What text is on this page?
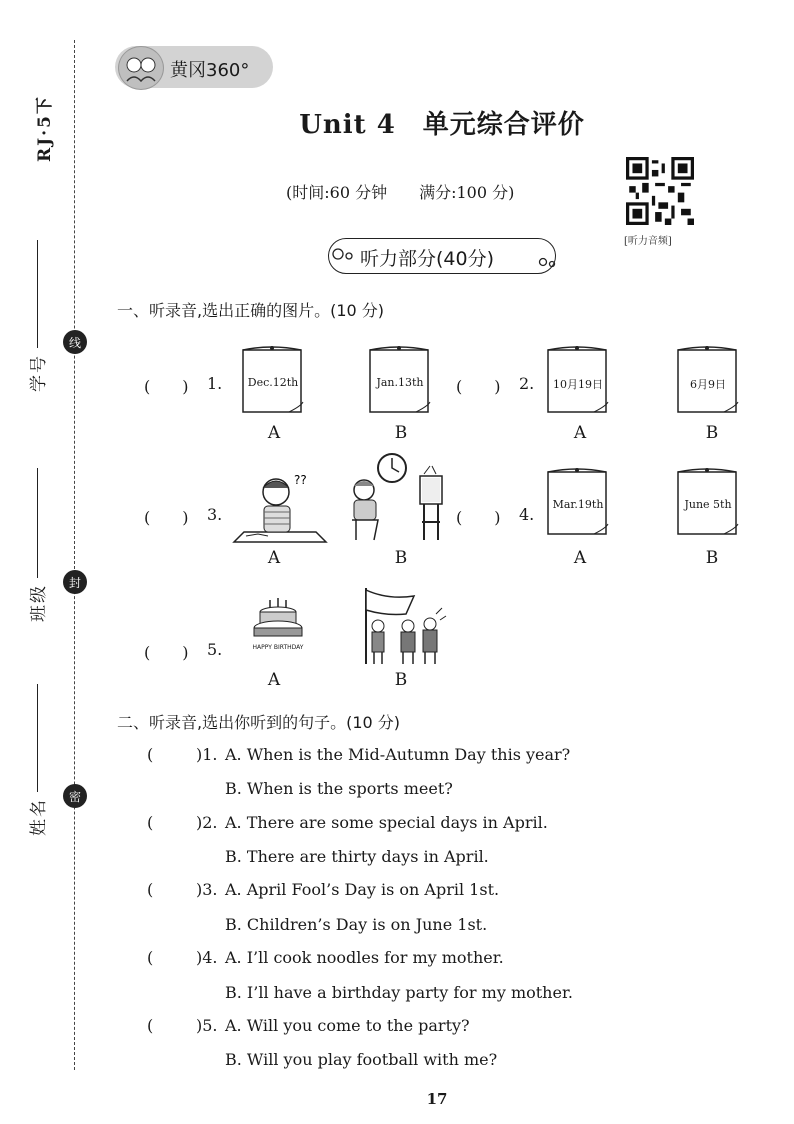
RJ·5下
学号
班级
姓名
线
封
密
黄冈360°
Unit 4　单元综合评价
(时间:60 分钟　　满分:100 分)
[听力音频]
听力部分(40分)
一、听录音,选出正确的图片。(10 分)
(　　) 1.	Dec.12th	Jan.13th
A	B
(　　) 2.	10月19日	6月9日
A	B
(　　) 3.
??
A	B
(　　) 4.
Mar.19th	June 5th
A	B
(　　) 5.	HAPPY BIRTHDAY
A	B
二、听录音,选出你听到的句子。(10 分)
(	)1. A. When is the Mid-Autumn Day this year?
B. When is the sports meet?
(	)2. A. There are some special days in April.
B. There are thirty days in April.
(	)3. A. April Fool’s Day is on April 1st.
B. Children’s Day is on June 1st.
(	)4. A. I’ll cook noodles for my mother.
B. I’ll have a birthday party for my mother.
(	)5. A. Will you come to the party?
B. Will you play football with me?
17
